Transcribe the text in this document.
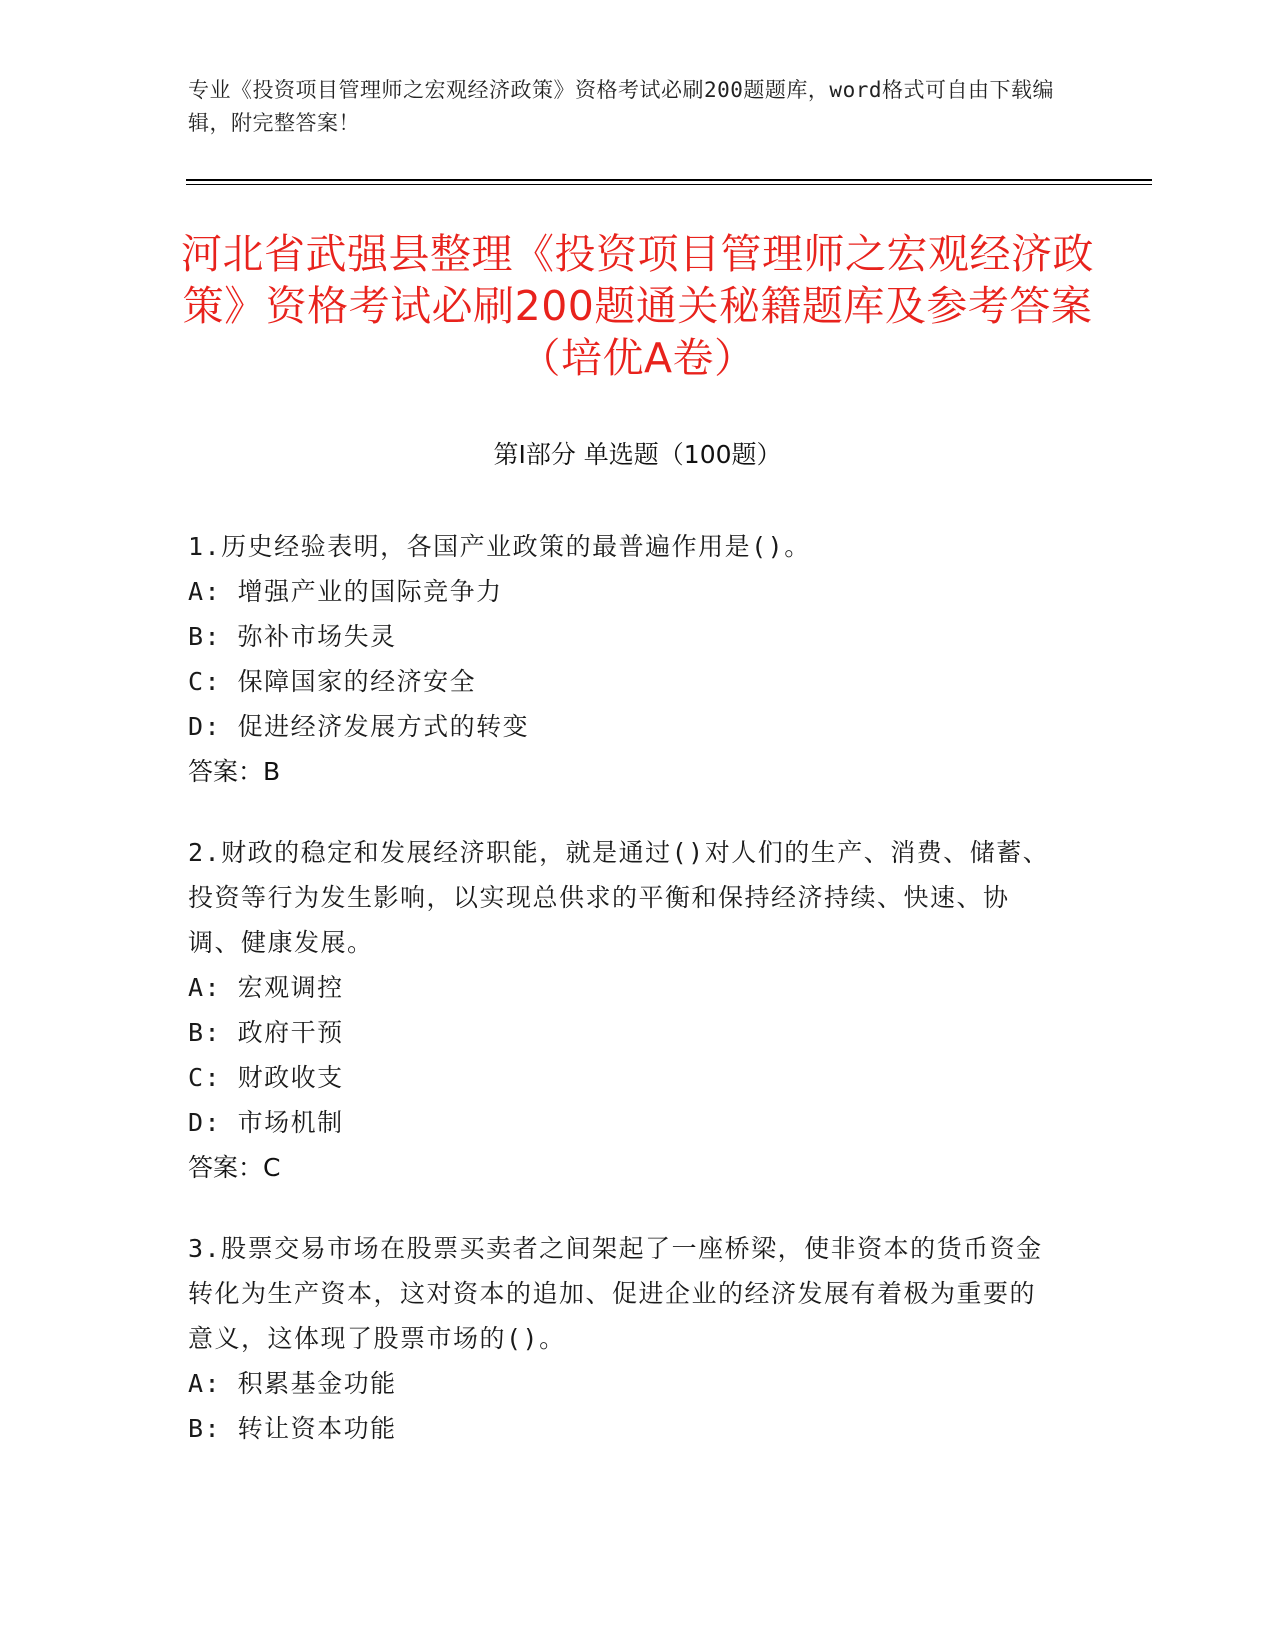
专业《投资项目管理师之宏观经济政策》资格考试必刷200题题库，word格式可自由下载编辑，附完整答案！
河北省武强县整理《投资项目管理师之宏观经济政策》资格考试必刷200题通关秘籍题库及参考答案（培优A卷）
第Ⅰ部分 单选题（100题）
1.历史经验表明，各国产业政策的最普遍作用是()。
A: 增强产业的国际竞争力
B: 弥补市场失灵
C: 保障国家的经济安全
D: 促进经济发展方式的转变
答案：B
2.财政的稳定和发展经济职能，就是通过()对人们的生产、消费、储蓄、投资等行为发生影响，以实现总供求的平衡和保持经济持续、快速、协调、健康发展。
A: 宏观调控
B: 政府干预
C: 财政收支
D: 市场机制
答案：C
3.股票交易市场在股票买卖者之间架起了一座桥梁，使非资本的货币资金转化为生产资本，这对资本的追加、促进企业的经济发展有着极为重要的意义，这体现了股票市场的()。
A: 积累基金功能
B: 转让资本功能
